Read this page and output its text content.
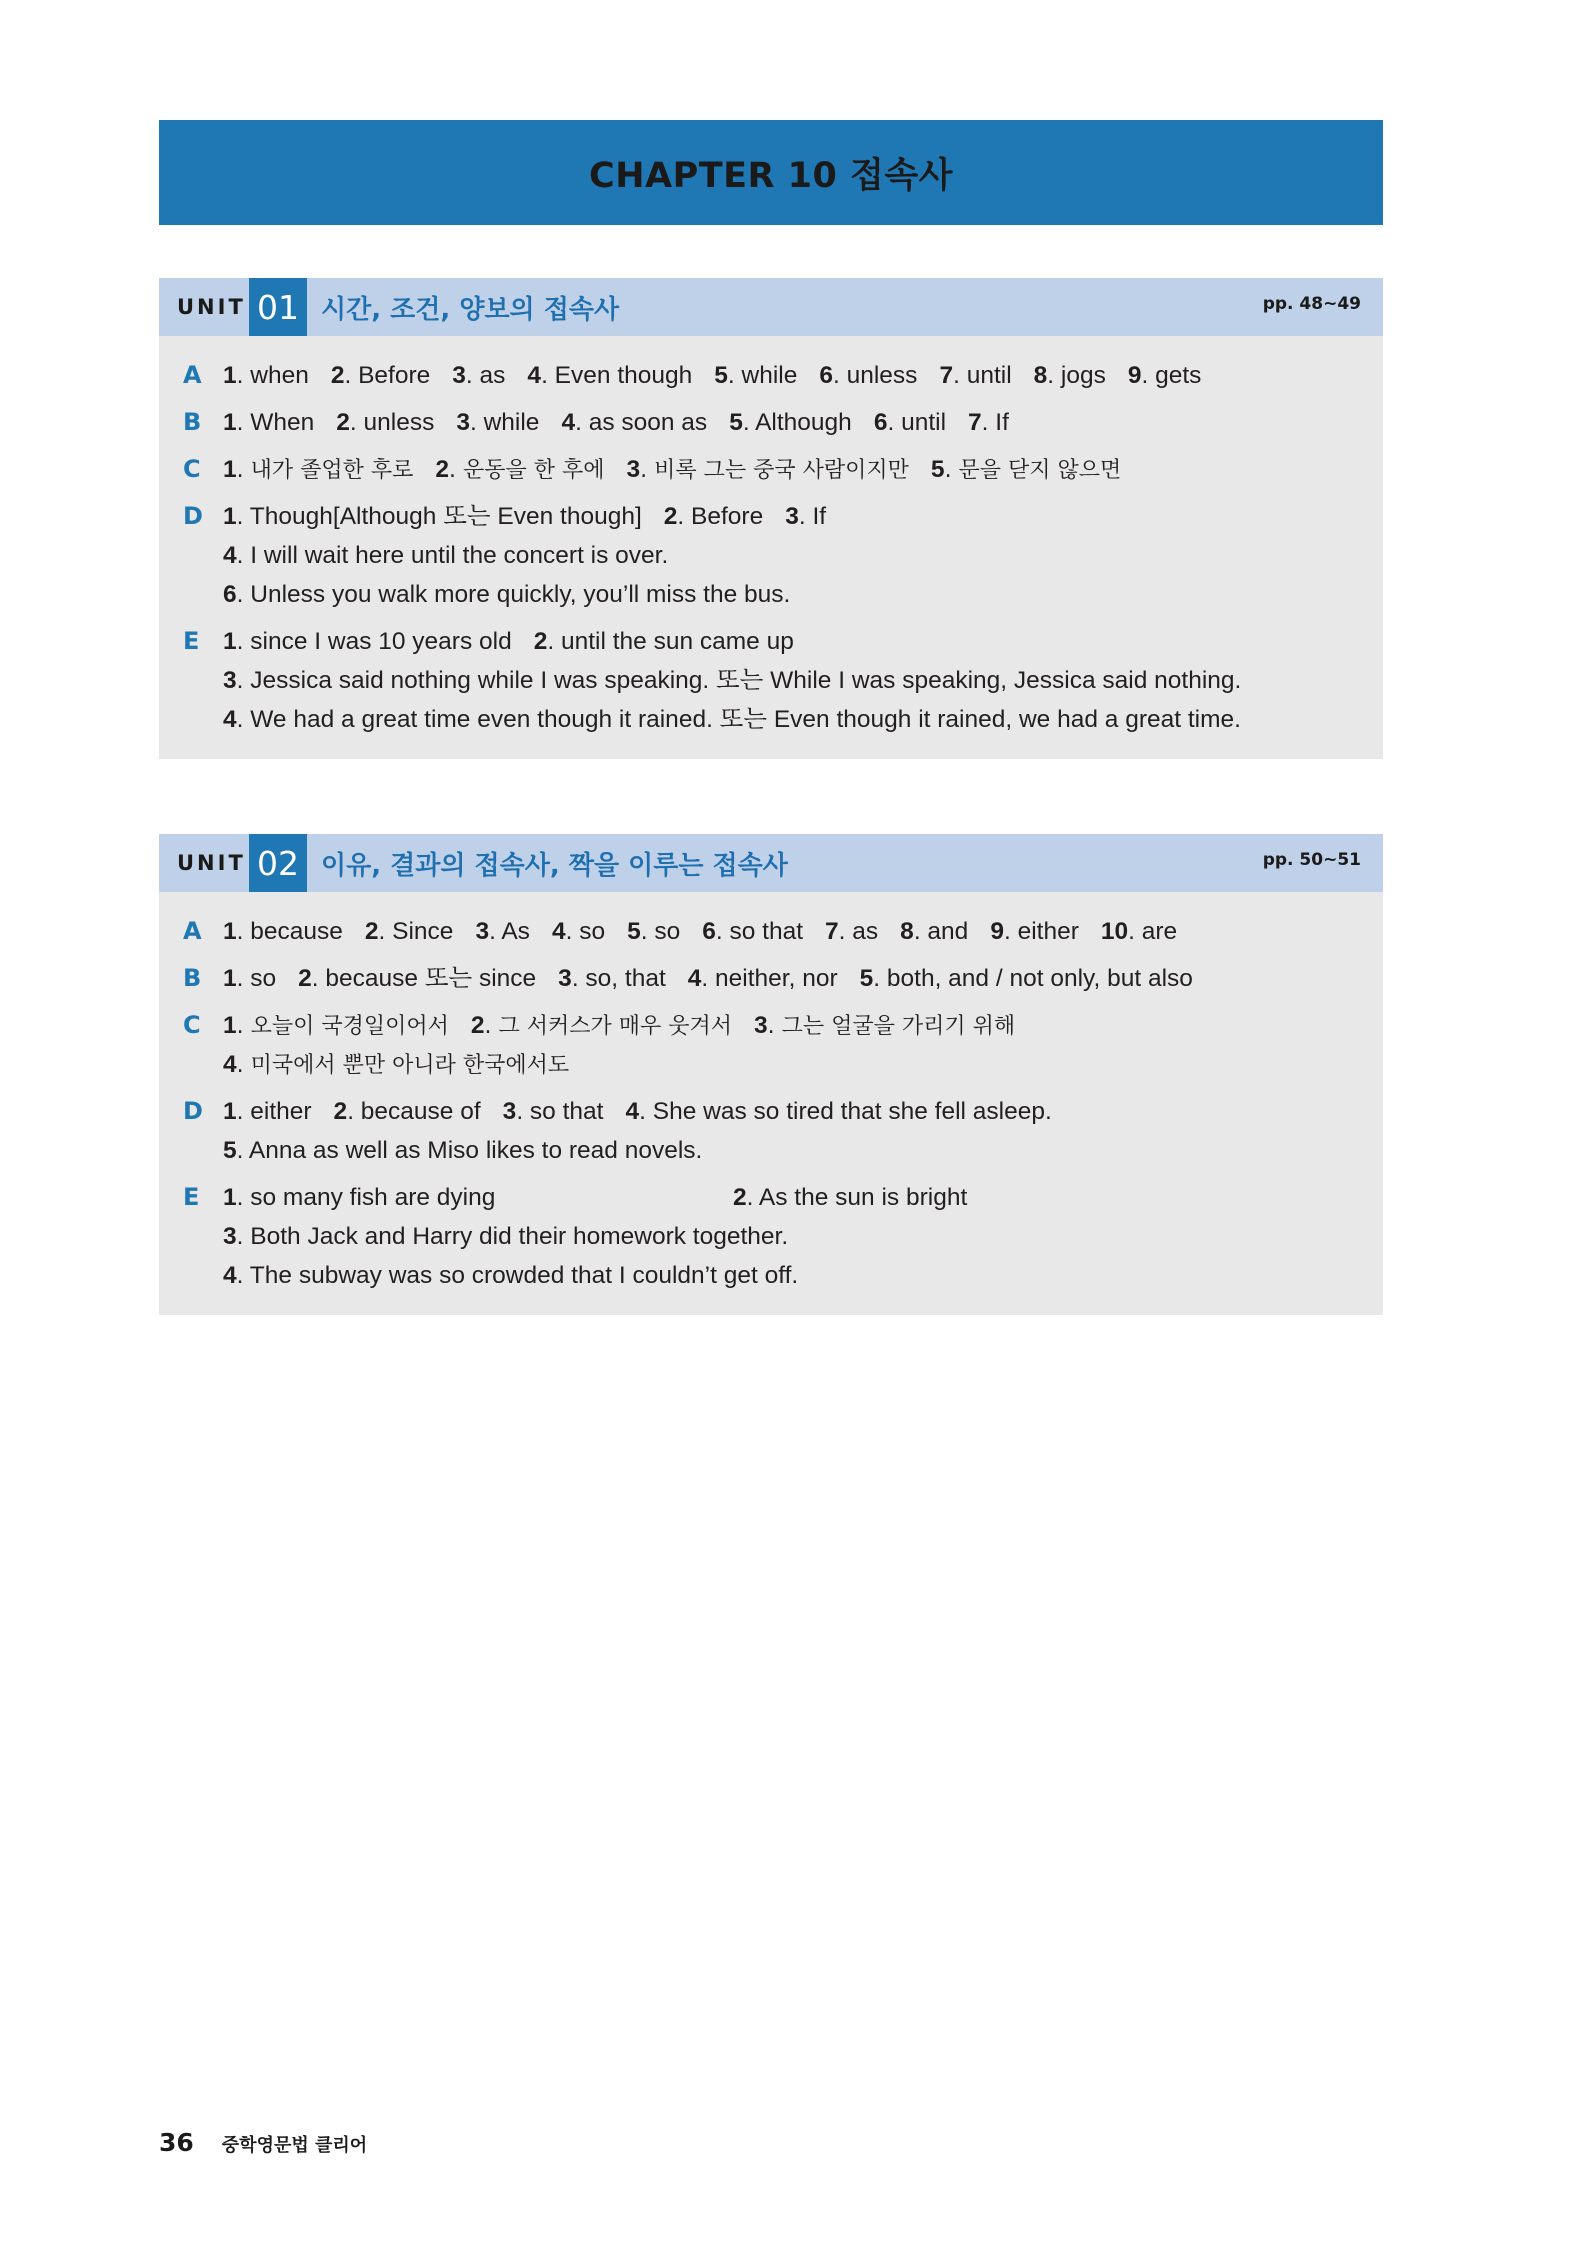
CHAPTER 10 접속사
UNIT 01 시간, 조건, 양보의 접속사	pp. 48~49
A 1. when 2. Before 3. as 4. Even though 5. while 6. unless 7. until 8. jogs 9. gets
B 1. When 2. unless 3. while 4. as soon as 5. Although 6. until 7. If
C 1. 내가 졸업한 후로 2. 운동을 한 후에 3. 비록 그는 중국 사람이지만 5. 문을 닫지 않으면
D 1. Though[Although 또는 Even though] 2. Before 3. If
4. I will wait here until the concert is over.
6. Unless you walk more quickly, you’ll miss the bus.
E 1. since I was 10 years old 2. until the sun came up
3. Jessica said nothing while I was speaking. 또는 While I was speaking, Jessica said nothing.
4. We had a great time even though it rained. 또는 Even though it rained, we had a great time.
UNIT 02 이유, 결과의 접속사, 짝을 이루는 접속사	pp. 50~51
A 1. because 2. Since 3. As 4. so 5. so 6. so that 7. as 8. and 9. either 10. are
B 1. so 2. because 또는 since 3. so, that 4. neither, nor 5. both, and / not only, but also
C 1. 오늘이 국경일이어서 2. 그 서커스가 매우 웃겨서 3. 그는 얼굴을 가리기 위해
4. 미국에서 뿐만 아니라 한국에서도
D 1. either 2. because of 3. so that 4. She was so tired that she fell asleep.
5. Anna as well as Miso likes to read novels.
E 1. so many fish are dying	2. As the sun is bright
3. Both Jack and Harry did their homework together.
4. The subway was so crowded that I couldn’t get off.
36 중학영문법 클리어
